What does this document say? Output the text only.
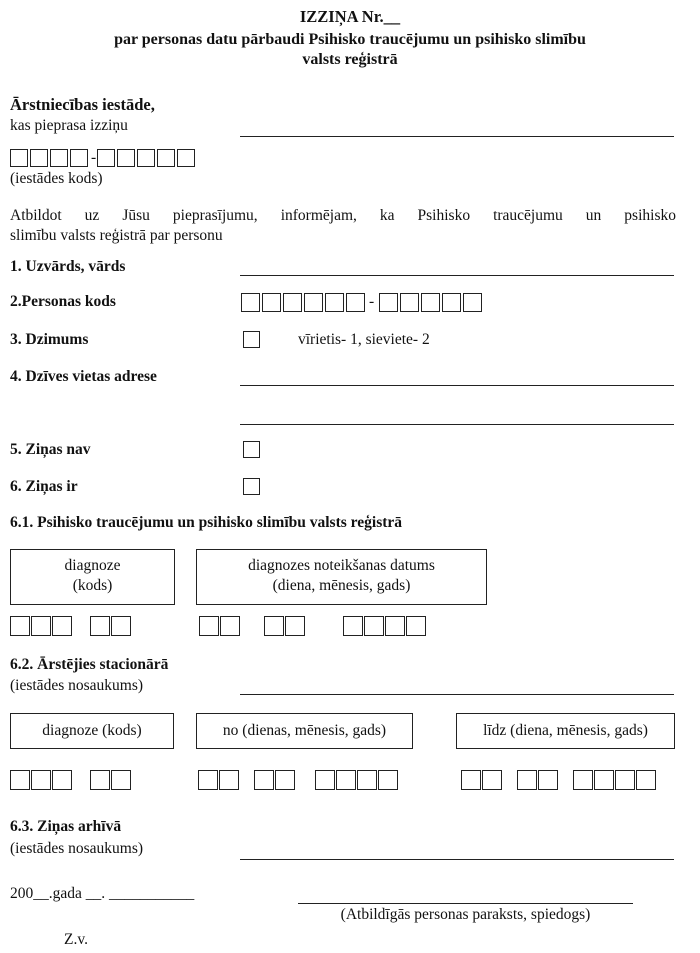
IZZIŅA Nr.__
par personas datu pārbaudi Psihisko traucējumu un psihisko slimību
valsts reģistrā
Ārstniecības iestāde,
kas pieprasa izziņu
-
(iestādes kods)
Atbildot uz Jūsu pieprasījumu, informējam, ka Psihisko traucējumu un psihisko
slimību valsts reģistrā par personu
1. Uzvārds, vārds
2.Personas kods	-
3. Dzimums	vīrietis- 1, sieviete- 2
4. Dzīves vietas adrese
5. Ziņas nav
6. Ziņas ir
6.1. Psihisko traucējumu un psihisko slimību valsts reģistrā
diagnoze
(kods)
diagnozes noteikšanas datums
(diena, mēnesis, gads)
6.2. Ārstējies stacionārā
(iestādes nosaukums)
diagnoze (kods)	no (dienas, mēnesis, gads)	līdz (diena, mēnesis, gads)
6.3. Ziņas arhīvā
(iestādes nosaukums)
200__.gada __. ___________
(Atbildīgās personas paraksts, spiedogs)
Z.v.
